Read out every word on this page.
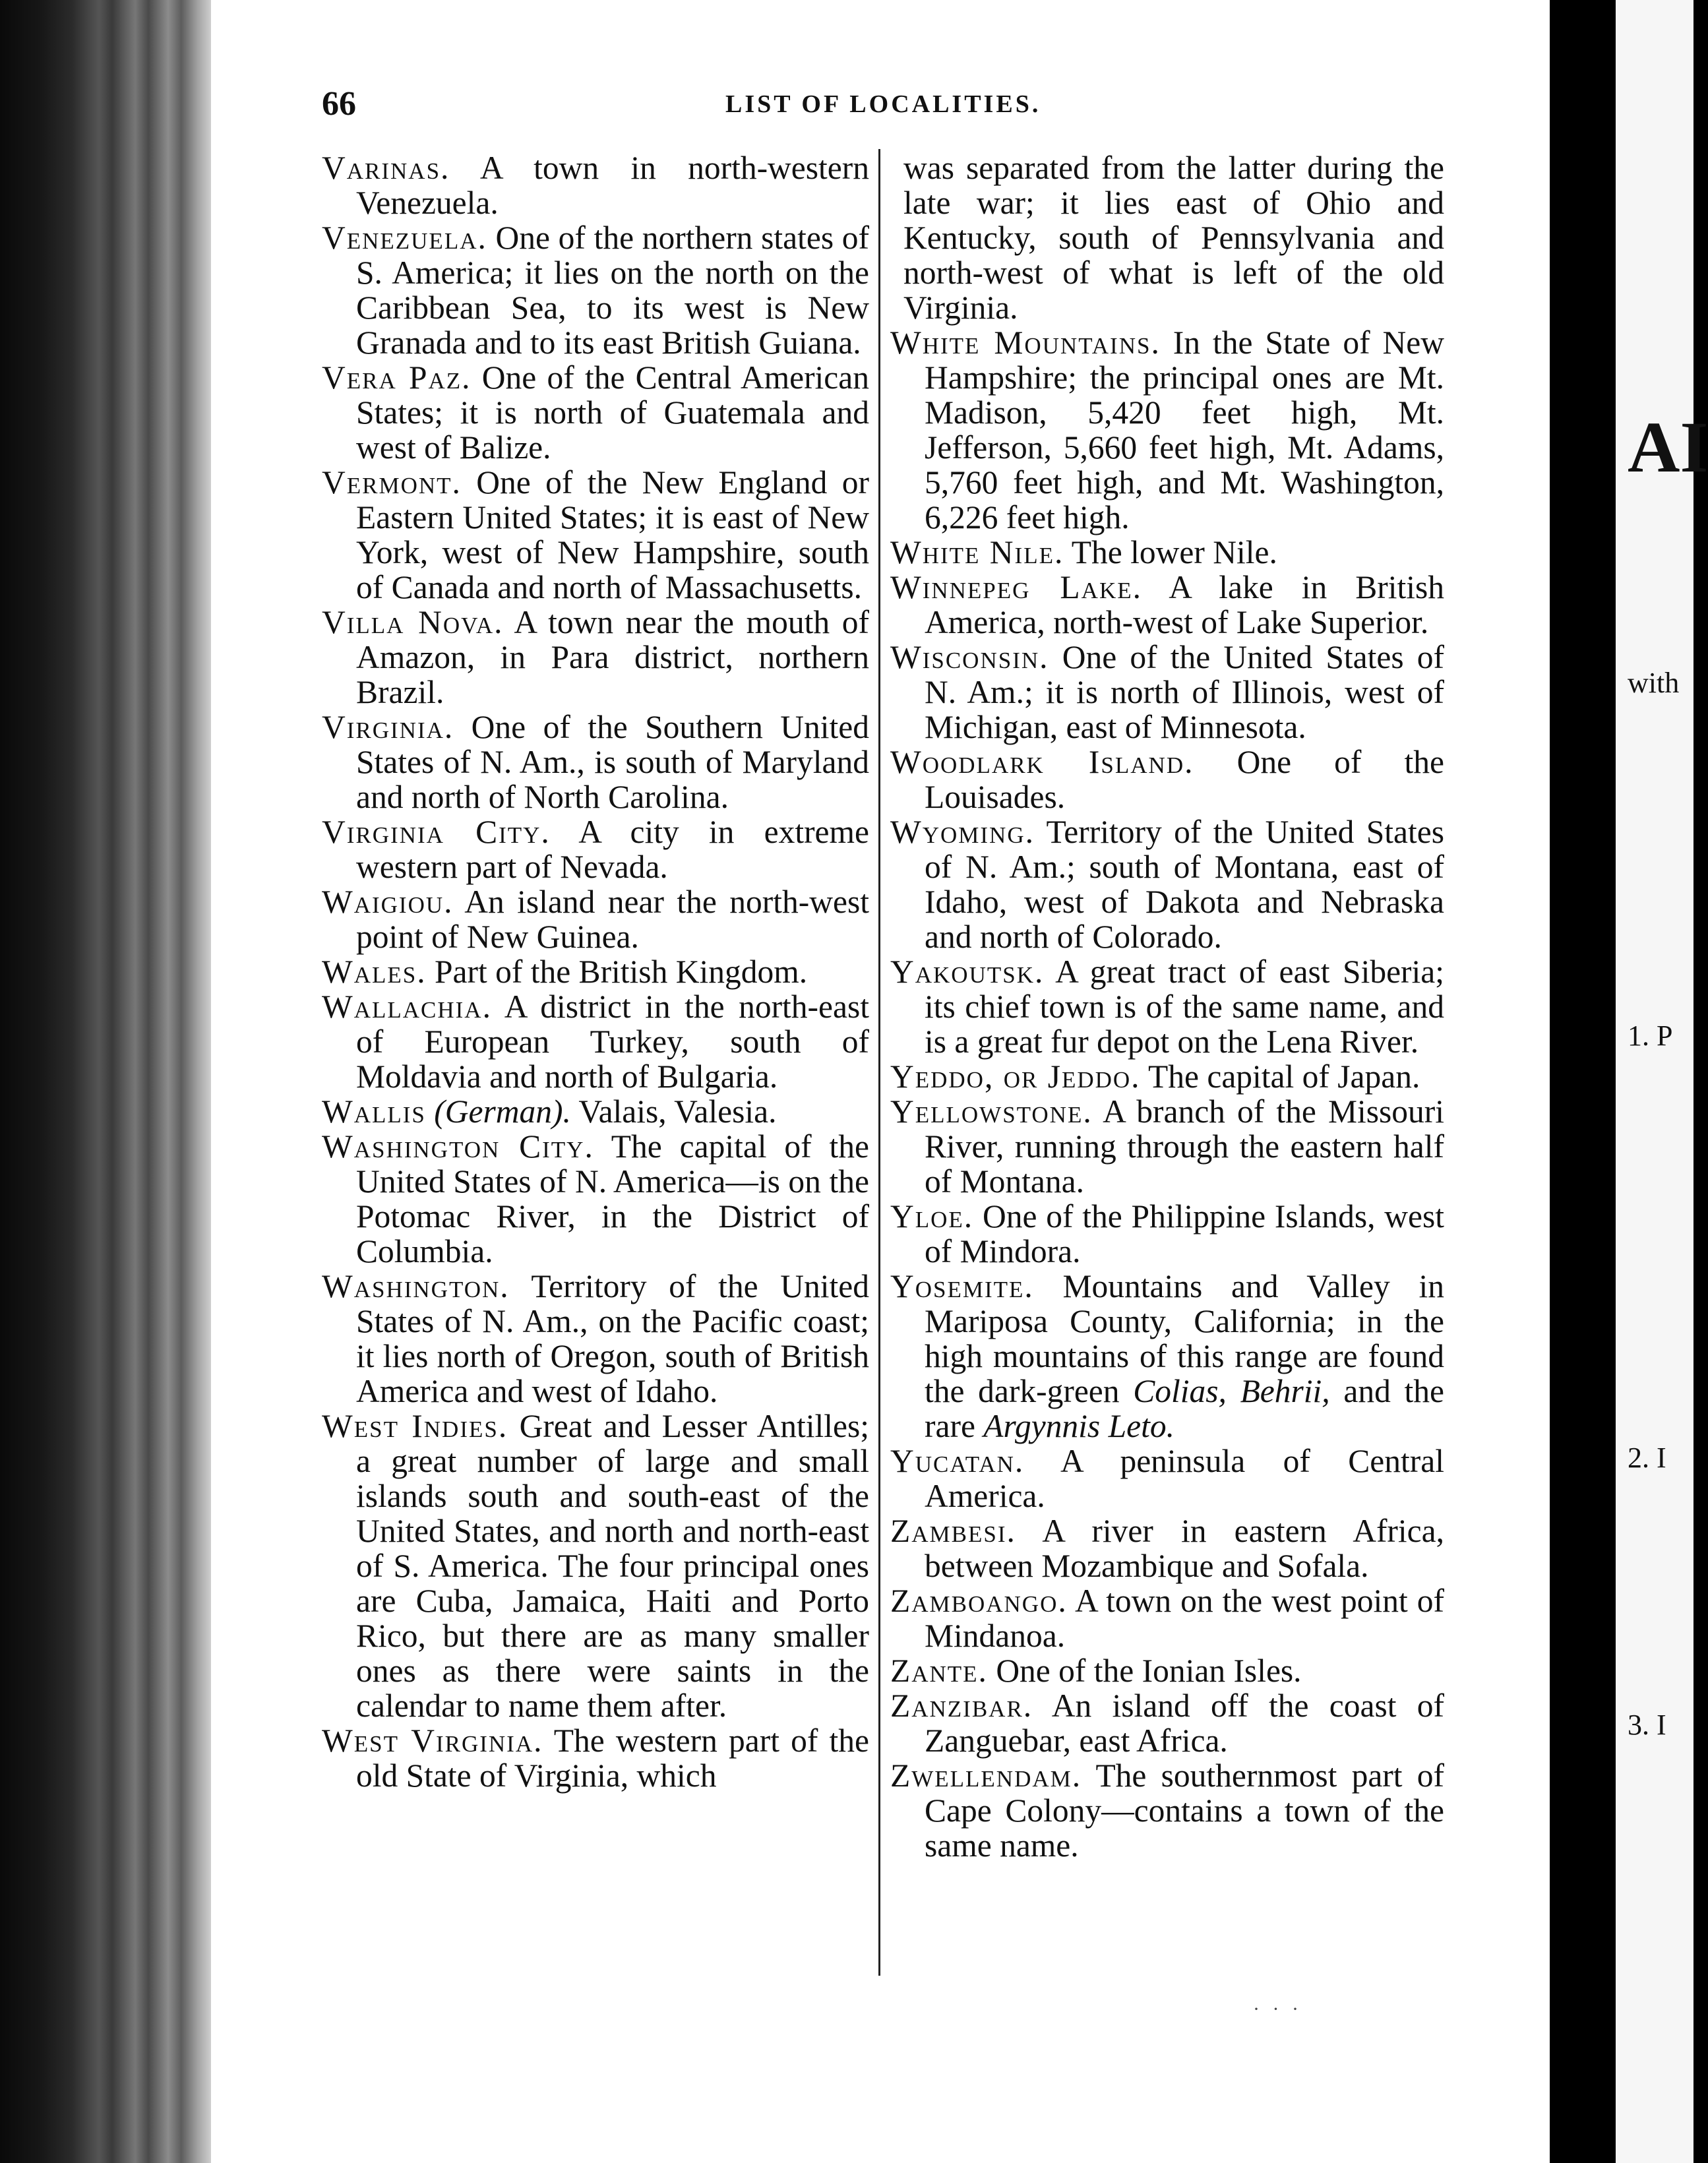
66	LIST OF LOCALITIES.

Varinas. A town in north-western Venezuela.

Venezuela. One of the northern states of S. America; it lies on the north on the Caribbean Sea, to its west is New Granada and to its east British Guiana.

Vera Paz. One of the Central American States; it is north of Guatemala and west of Balize.

Vermont. One of the New England or Eastern United States; it is east of New York, west of New Hampshire, south of Canada and north of Massachusetts.

Villa Nova. A town near the mouth of Amazon, in Para district, northern Brazil.

Virginia. One of the Southern United States of N. Am., is south of Maryland and north of North Carolina.

Virginia City. A city in extreme western part of Nevada.

Waigiou. An island near the north-west point of New Guinea.

Wales. Part of the British Kingdom.

Wallachia. A district in the north-east of European Turkey, south of Moldavia and north of Bulgaria.

Wallis (German). Valais, Valesia.

Washington City. The capital of the United States of N. America—is on the Potomac River, in the District of Columbia.

Washington. Territory of the United States of N. Am., on the Pacific coast; it lies north of Oregon, south of British America and west of Idaho.

West Indies. Great and Lesser Antilles; a great number of large and small islands south and south-east of the United States, and north and north-east of S. America. The four principal ones are Cuba, Jamaica, Haiti and Porto Rico, but there are as many smaller ones as there were saints in the calendar to name them after.

West Virginia. The western part of the old State of Virginia, which

was separated from the latter during the late war; it lies east of Ohio and Kentucky, south of Pennsylvania and north-west of what is left of the old Virginia.

White Mountains. In the State of New Hampshire; the principal ones are Mt. Madison, 5,420 feet high, Mt. Jefferson, 5,660 feet high, Mt. Adams, 5,760 feet high, and Mt. Washington, 6,226 feet high.

White Nile. The lower Nile.

Winnepeg Lake. A lake in British America, north-west of Lake Superior.

Wisconsin. One of the United States of N. Am.; it is north of Illinois, west of Michigan, east of Minnesota.

Woodlark Island. One of the Louisades.

Wyoming. Territory of the United States of N. Am.; south of Montana, east of Idaho, west of Dakota and Nebraska and north of Colorado.

Yakoutsk. A great tract of east Siberia; its chief town is of the same name, and is a great fur depot on the Lena River.

Yeddo, or Jeddo. The capital of Japan.

Yellowstone. A branch of the Missouri River, running through the eastern half of Montana.

Yloe. One of the Philippine Islands, west of Mindora.

Yosemite. Mountains and Valley in Mariposa County, California; in the high mountains of this range are found the dark-green Colias, Behrii, and the rare Argynnis Leto.

Yucatan. A peninsula of Central America.

Zambesi. A river in eastern Africa, between Mozambique and Sofala.

Zamboango. A town on the west point of Mindanoa.

Zante. One of the Ionian Isles.

Zanzibar. An island off the coast of Zanguebar, east Africa.

Zwellendam. The southernmost part of Cape Colony—contains a town of the same name.

· · ·
AI
with
1. P
2. I
3. I
